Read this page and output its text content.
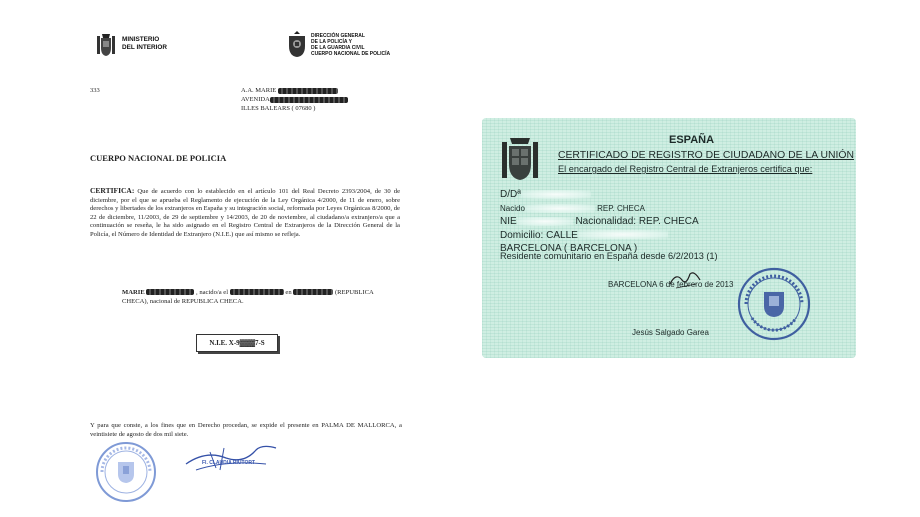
MINISTERIO
DEL INTERIOR
DIRECCIÓN GENERAL
DE LA POLICÍA Y
DE LA GUARDIA CIVIL
CUERPO NACIONAL DE POLICÍA
333	A.A. MARIE
AVENIDA
ILLES BALEARS ( 07680 )
CUERPO NACIONAL DE POLICIA
CERTIFICA: Que de acuerdo con lo establecido en el artículo 101 del Real Decreto 2393/2004, de 30 de diciembre, por el que se aprueba el Reglamento de ejecución de la Ley Orgánica 4/2000, de 11 de enero, sobre derechos y libertades de los extranjeros en España y su integración social, reformada por Leyes Orgánicas 8/2000, de 22 de diciembre, 11/2003, de 29 de septiembre y 14/2003, de 20 de noviembre, al ciudadano/a extranjero/a que a continuación se reseña, le ha sido asignado en el Registro Central de Extranjeros de la Dirección General de la Policía, el Número de Identidad de Extranjero (N.I.E.) que así mismo se refleja.
MARIE	, nacido/a el	en	(REPUBLICA
CHECA), nacional de REPUBLICA CHECA.
N.I.E. X-9▓▓▓7-S
Y para que conste, a los fines que en Derecho procedan, se expide el presente en PALMA DE MALLORCA, a veintisiete de agosto de dos mil siete.
Fl. CLAUDIA RIUTORT
ESPAÑA
CERTIFICADO DE REGISTRO DE CIUDADANO DE LA UNIÓN
El encargado del Registro Central de Extranjeros certifica que:
D/Dª
Nacido	REP. CHECA
NIE	Nacionalidad: REP. CHECA
Domicilio: CALLE
BARCELONA ( BARCELONA )
Residente comunitario en España desde 6/2/2013 (1)
BARCELONA 6 de febrero de 2013
Jesús Salgado Garea
